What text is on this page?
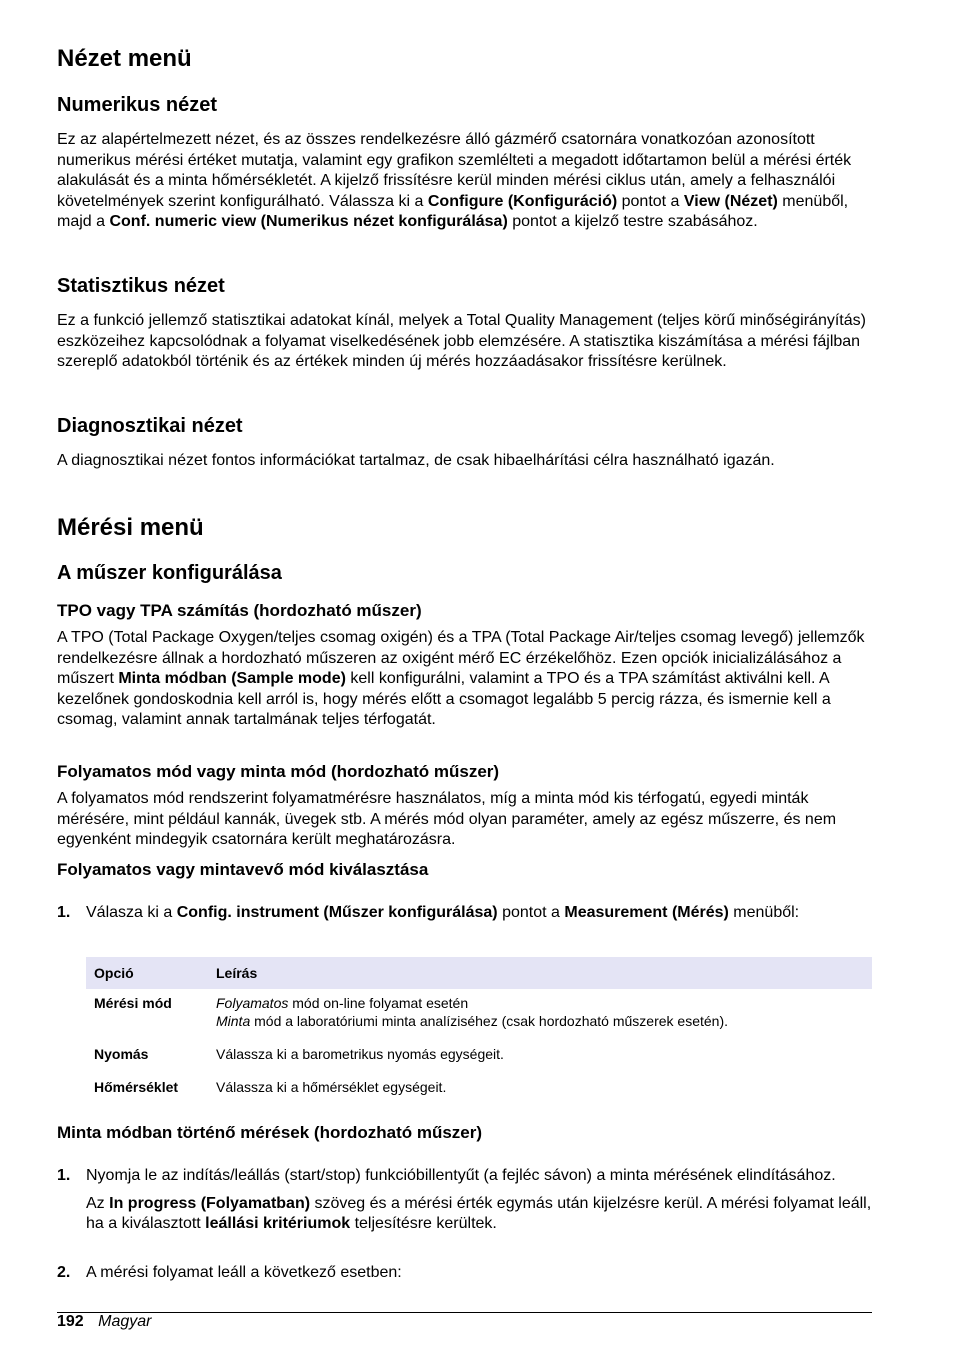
Nézet menü
Numerikus nézet

Ez az alapértelmezett nézet, és az összes rendelkezésre álló gázmérő csatornára vonatkozóan azonosított numerikus mérési értéket mutatja, valamint egy grafikon szemlélteti a megadott időtartamon belül a mérési érték alakulását és a minta hőmérsékletét. A kijelző frissítésre kerül minden mérési ciklus után, amely a felhasználói követelmények szerint konfigurálható. Válassza ki a Configure (Konfiguráció) pontot a View (Nézet) menüből, majd a Conf. numeric view (Numerikus nézet konfigurálása) pontot a kijelző testre szabásához.

Statisztikus nézet

Ez a funkció jellemző statisztikai adatokat kínál, melyek a Total Quality Management (teljes körű minőségirányítás) eszközeihez kapcsolódnak a folyamat viselkedésének jobb elemzésére. A statisztika kiszámítása a mérési fájlban szereplő adatokból történik és az értékek minden új mérés hozzáadásakor frissítésre kerülnek.

Diagnosztikai nézet

A diagnosztikai nézet fontos információkat tartalmaz, de csak hibaelhárítási célra használható igazán.

Mérési menü
A műszer konfigurálása
TPO vagy TPA számítás (hordozható műszer)

A TPO (Total Package Oxygen/teljes csomag oxigén) és a TPA (Total Package Air/teljes csomag levegő) jellemzők rendelkezésre állnak a hordozható műszeren az oxigént mérő EC érzékelőhöz. Ezen opciók inicializálásához a műszert Minta módban (Sample mode) kell konfigurálni, valamint a TPO és a TPA számítást aktiválni kell. A kezelőnek gondoskodnia kell arról is, hogy mérés előtt a csomagot legalább 5 percig rázza, és ismernie kell a csomag, valamint annak tartalmának teljes térfogatát.

Folyamatos mód vagy minta mód (hordozható műszer)

A folyamatos mód rendszerint folyamatmérésre használatos, míg a minta mód kis térfogatú, egyedi minták mérésére, mint például kannák, üvegek stb. A mérés mód olyan paraméter, amely az egész műszerre, és nem egyenként mindegyik csatornára került meghatározásra.

Folyamatos vagy mintavevő mód kiválasztása
1. Válasza ki a Config. instrument (Műszer konfigurálása) pontot a Measurement (Mérés) menüből:
Opció	Leírás
Mérési mód	Folyamatos mód on-line folyamat esetén
Minta mód a laboratóriumi minta analíziséhez (csak hordozható műszerek esetén).

Nyomás	Válassza ki a barometrikus nyomás egységeit.

Hőmérséklet	Válassza ki a hőmérséklet egységeit.
Minta módban történő mérések (hordozható műszer)
1. Nyomja le az indítás/leállás (start/stop) funkcióbillentyűt (a fejléc sávon) a minta mérésének elindításához.
Az In progress (Folyamatban) szöveg és a mérési érték egymás után kijelzésre kerül. A mérési folyamat leáll, ha a kiválasztott leállási kritériumok teljesítésre kerültek.
2. A mérési folyamat leáll a következő esetben:
192 Magyar
